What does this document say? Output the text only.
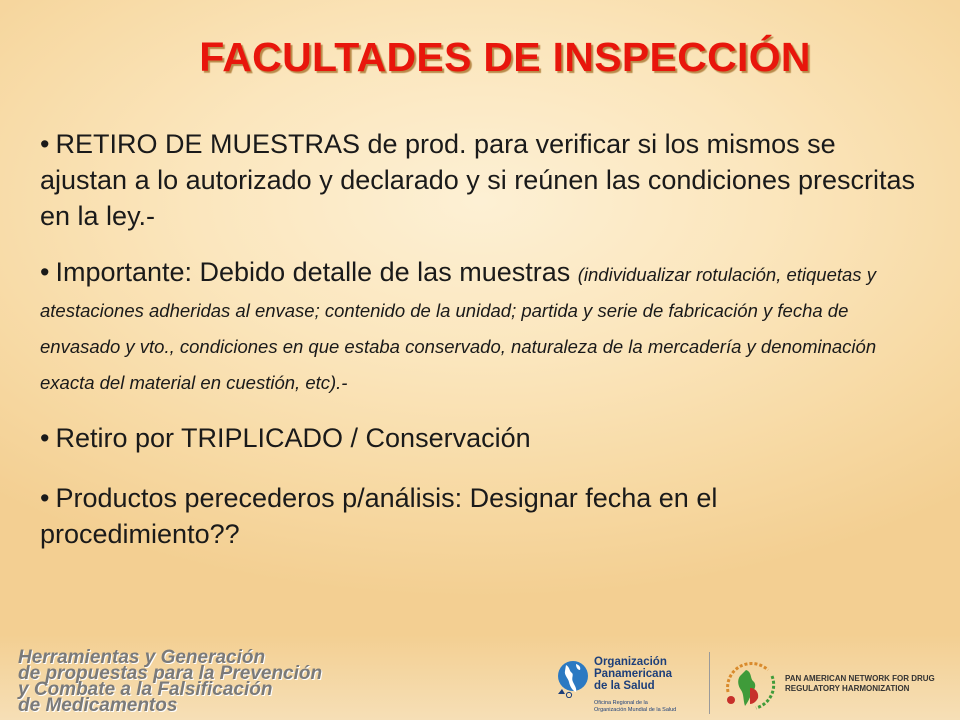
FACULTADES DE INSPECCIÓN

• RETIRO DE MUESTRAS de prod. para verificar si los mismos se ajustan a lo autorizado y declarado y si reúnen las condiciones prescritas en la ley.-

• Importante: Debido detalle de las muestras (individualizar rotulación, etiquetas y atestaciones adheridas al envase; contenido de la unidad; partida y serie de fabricación y fecha de envasado y vto., condiciones en que estaba conservado, naturaleza de la mercadería y denominación exacta del material en cuestión, etc).-

• Retiro por TRIPLICADO / Conservación

• Productos perecederos p/análisis: Designar fecha en el procedimiento??

Herramientas y Generación
de propuestas para la Prevención
y Combate a la Falsificación
de Medicamentos

Organización
Panamericana
de la Salud

Oficina Regional de la
Organización Mundial de la Salud

PAN AMERICAN NETWORK FOR DRUG
REGULATORY HARMONIZATION
